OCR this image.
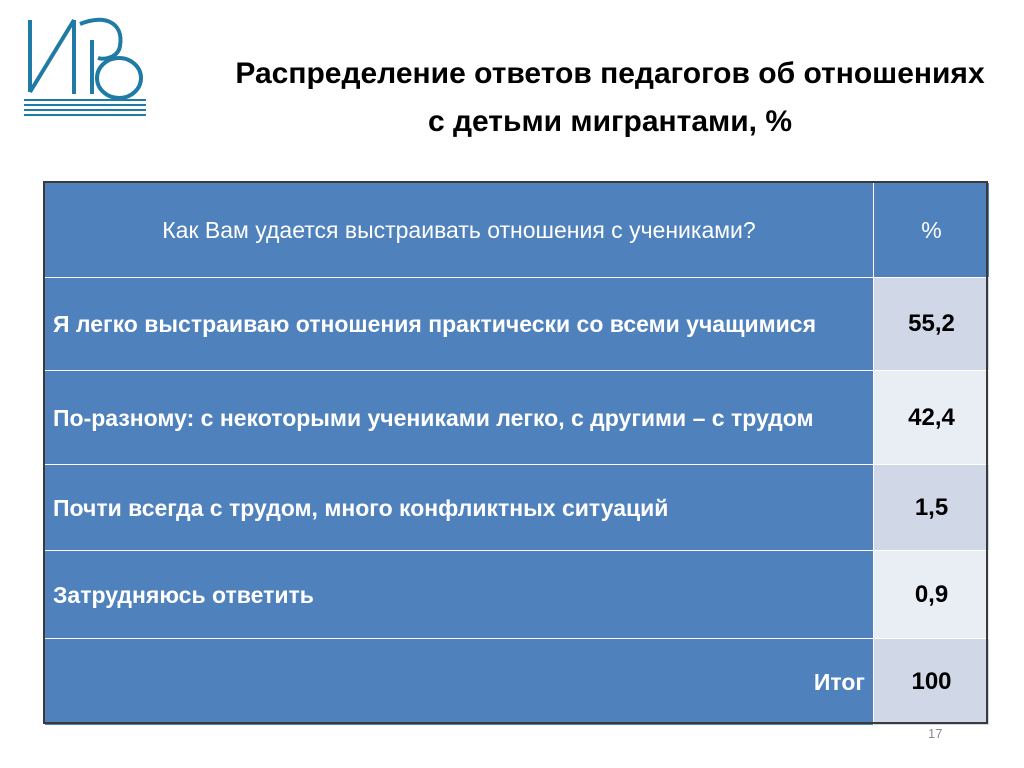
Распределение ответов педагогов об отношениях с детьми мигрантами, %
Как Вам удается выстраивать отношения с учениками?	%
Я легко выстраиваю отношения практически со всеми учащимися	55,2
По-разному: с некоторыми учениками легко, с другими – с трудом	42,4
Почти всегда с трудом, много конфликтных ситуаций	1,5
Затрудняюсь ответить	0,9
Итог	100
17
